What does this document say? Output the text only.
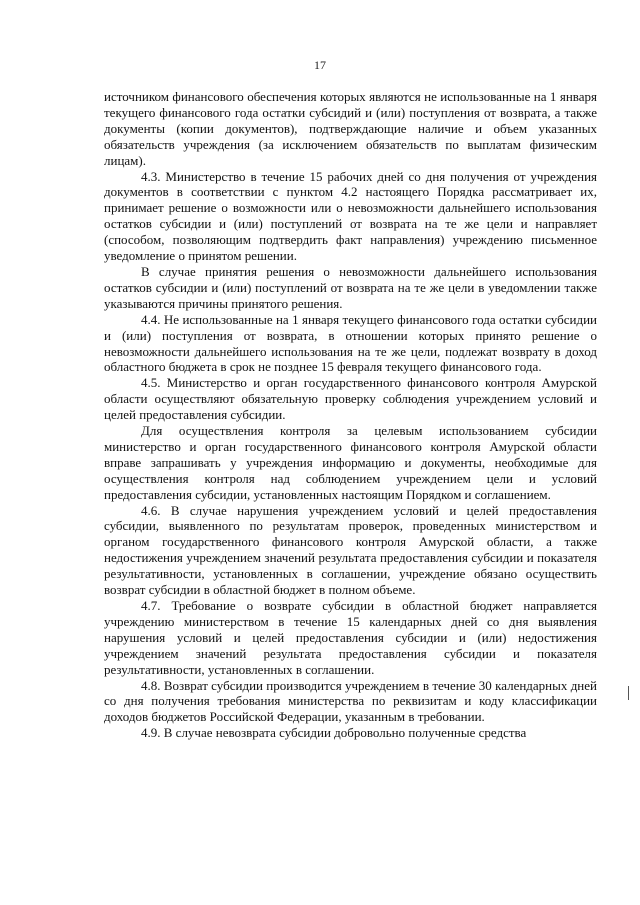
17

источником финансового обеспечения которых являются не использованные на 1 января текущего финансового года остатки субсидий и (или) поступления от возврата, а также документы (копии документов), подтверждающие наличие и объем указанных обязательств учреждения (за исключением обязательств по выплатам физическим лицам).

4.3. Министерство в течение 15 рабочих дней со дня получения от учреждения документов в соответствии с пунктом 4.2 настоящего Порядка рассматривает их, принимает решение о возможности или о невозможности дальнейшего использования остатков субсидии и (или) поступлений от возврата на те же цели и направляет (способом, позволяющим подтвердить факт направления) учреждению письменное уведомление о принятом решении.

В случае принятия решения о невозможности дальнейшего использования остатков субсидии и (или) поступлений от возврата на те же цели в уведомлении также указываются причины принятого решения.

4.4. Не использованные на 1 января текущего финансового года остатки субсидии и (или) поступления от возврата, в отношении которых принято решение о невозможности дальнейшего использования на те же цели, подлежат возврату в доход областного бюджета в срок не позднее 15 февраля текущего финансового года.

4.5. Министерство и орган государственного финансового контроля Амурской области осуществляют обязательную проверку соблюдения учреждением условий и целей предоставления субсидии.

Для осуществления контроля за целевым использованием субсидии министерство и орган государственного финансового контроля Амурской области вправе запрашивать у учреждения информацию и документы, необходимые для осуществления контроля над соблюдением учреждением цели и условий предоставления субсидии, установленных настоящим Порядком и соглашением.

4.6. В случае нарушения учреждением условий и целей предоставления субсидии, выявленного по результатам проверок, проведенных министерством и органом государственного финансового контроля Амурской области, а также недостижения учреждением значений результата предоставления субсидии и показателя результативности, установленных в соглашении, учреждение обязано осуществить возврат субсидии в областной бюджет в полном объеме.

4.7. Требование о возврате субсидии в областной бюджет направляется учреждению министерством в течение 15 календарных дней со дня выявления нарушения условий и целей предоставления субсидии и (или) недостижения учреждением значений результата предоставления субсидии и показателя результативности, установленных в соглашении.

4.8. Возврат субсидии производится учреждением в течение 30 календарных дней со дня получения требования министерства по реквизитам и коду классификации доходов бюджетов Российской Федерации, указанным в требовании.

4.9. В случае невозврата субсидии добровольно полученные средства
